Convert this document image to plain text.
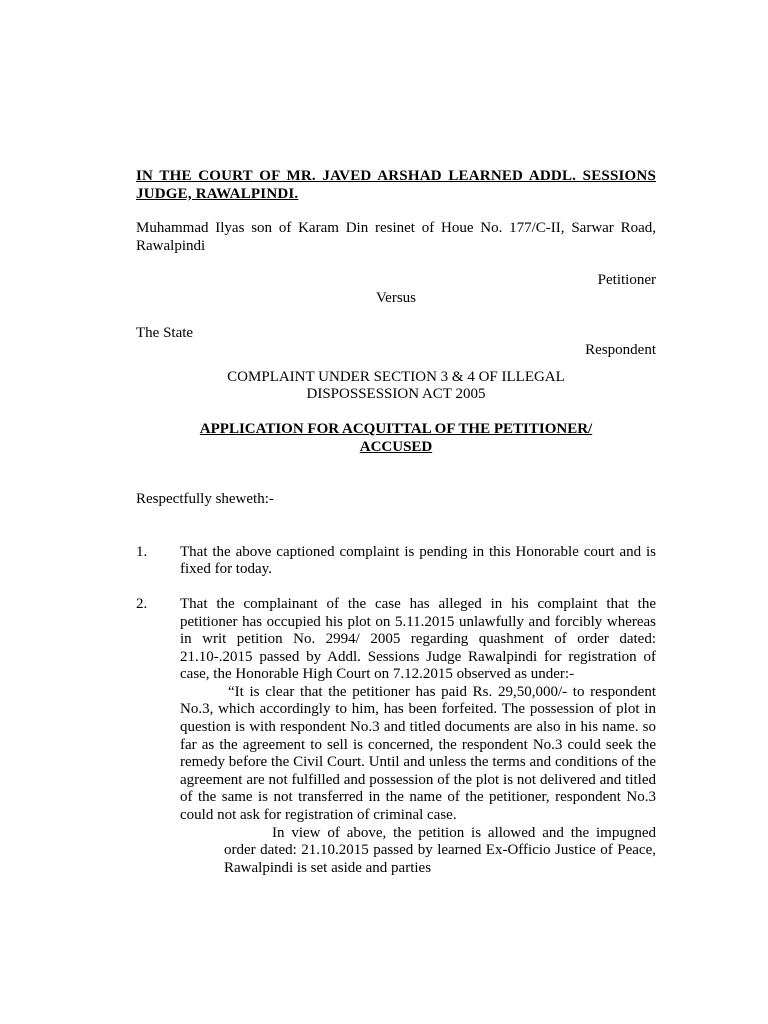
IN THE COURT OF MR. JAVED ARSHAD LEARNED ADDL. SESSIONS JUDGE, RAWALPINDI.
Muhammad Ilyas son of Karam Din resinet of Houe No. 177/C-II, Sarwar Road, Rawalpindi
Petitioner
Versus
The State
Respondent
COMPLAINT UNDER SECTION 3 & 4 OF ILLEGAL
DISPOSSESSION ACT 2005
APPLICATION FOR ACQUITTAL OF THE PETITIONER/
ACCUSED
Respectfully sheweth:-
1.	That the above captioned complaint is pending in this Honorable court and is fixed for today.
2.	That the complainant of the case has alleged in his complaint that the petitioner has occupied his plot on 5.11.2015 unlawfully and forcibly whereas in writ petition No. 2994/ 2005 regarding quashment of order dated: 21.10-.2015 passed by Addl. Sessions Judge Rawalpindi for registration of case, the Honorable High Court on 7.12.2015 observed as under:-
“It is clear that the petitioner has paid Rs. 29,50,000/- to respondent No.3, which accordingly to him, has been forfeited. The possession of plot in question is with respondent No.3 and titled documents are also in his name. so far as the agreement to sell is concerned, the respondent No.3 could seek the remedy before the Civil Court. Until and unless the terms and conditions of the agreement are not fulfilled and possession of the plot is not delivered and titled of the same is not transferred in the name of the petitioner, respondent No.3 could not ask for registration of criminal case.
In view of above, the petition is allowed and the impugned order dated: 21.10.2015 passed by learned Ex-Officio Justice of Peace, Rawalpindi is set aside and parties
